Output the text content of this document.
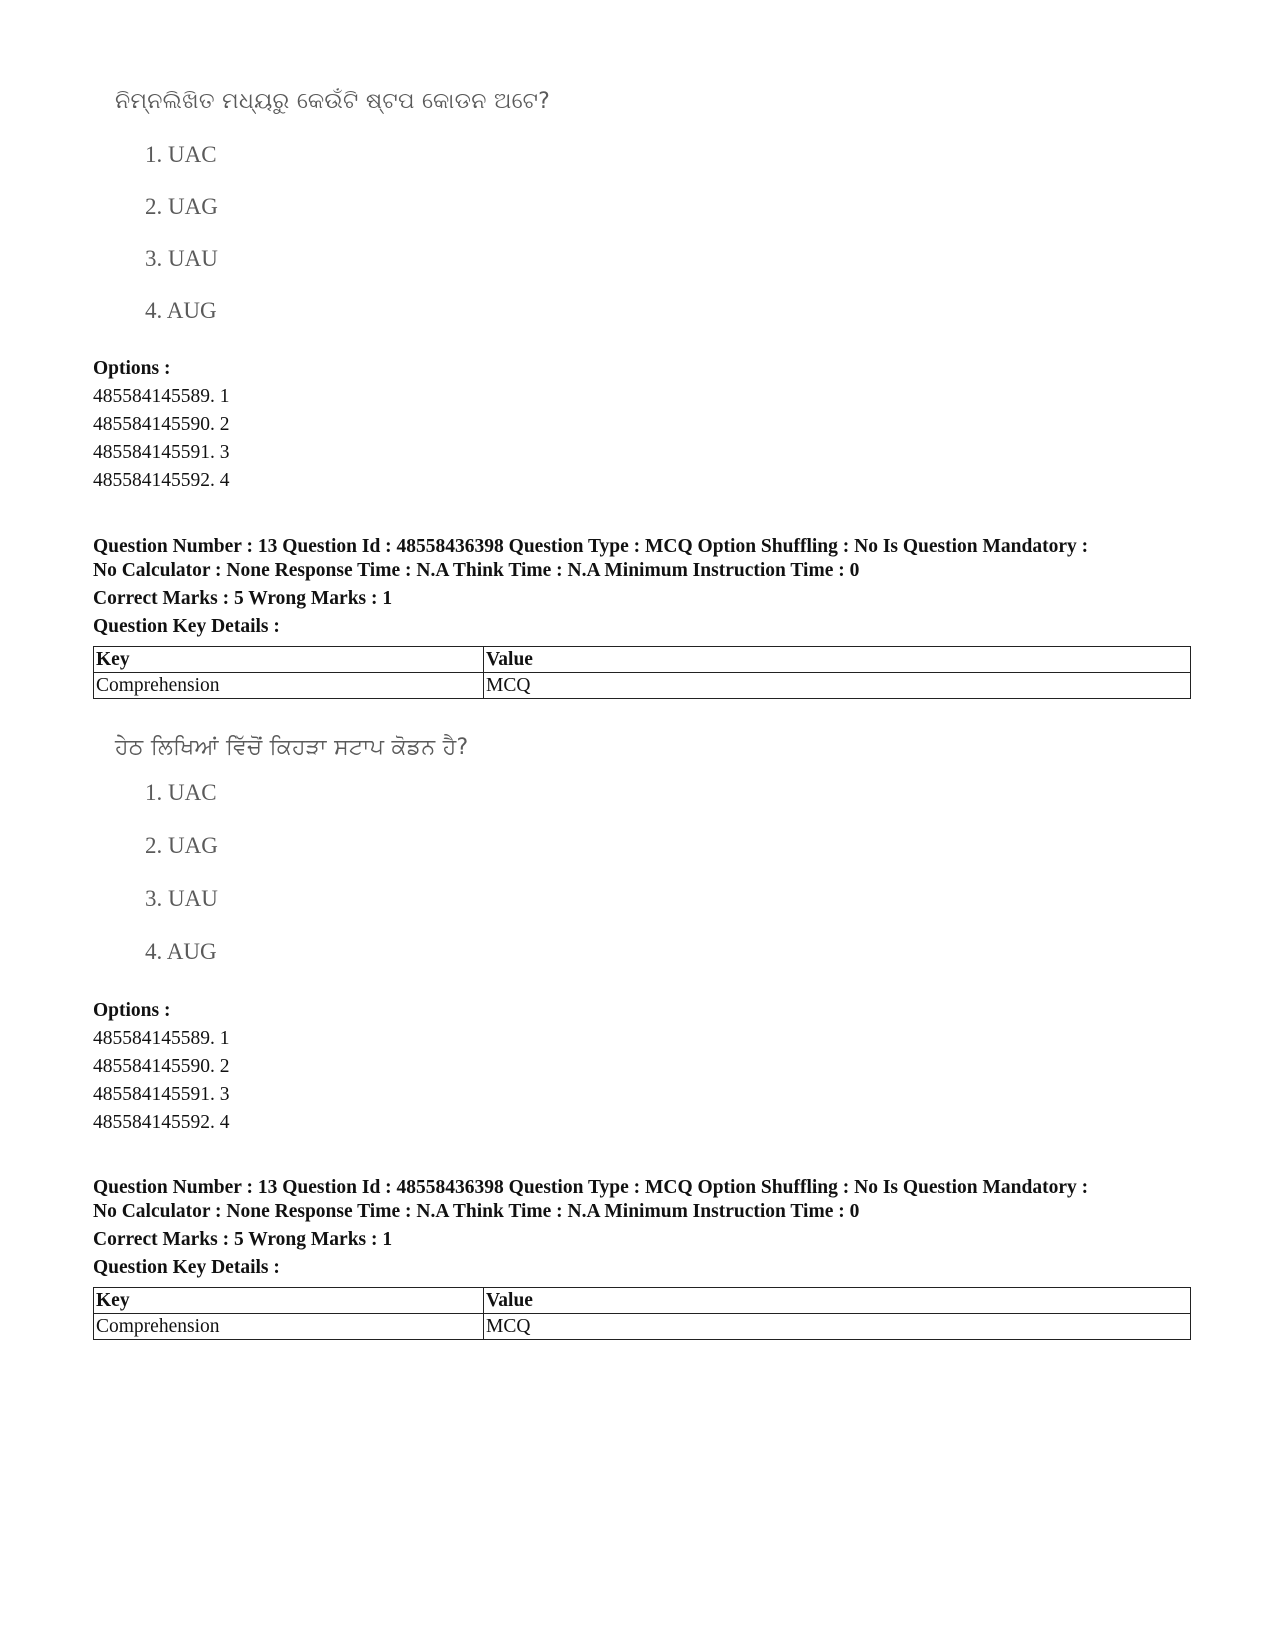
ନିମ୍ନଲିଖିତ ମଧ୍ୟରୁ କେଉଁଟି ଷ୍ଟପ କୋଡନ ଅଟେ?
1. UAC
2. UAG
3. UAU
4. AUG
Options :
485584145589. 1
485584145590. 2
485584145591. 3
485584145592. 4
Question Number : 13 Question Id : 48558436398 Question Type : MCQ Option Shuffling : No Is Question Mandatory :
No Calculator : None Response Time : N.A Think Time : N.A Minimum Instruction Time : 0
Correct Marks : 5 Wrong Marks : 1
Question Key Details :
Key	Value
Comprehension	MCQ
ਹੇਠ ਲਿਖਿਆਂ ਵਿੱਚੋਂ ਕਿਹੜਾ ਸਟਾਪ ਕੋਡਨ ਹੈ?
1. UAC
2. UAG
3. UAU
4. AUG
Options :
485584145589. 1
485584145590. 2
485584145591. 3
485584145592. 4
Question Number : 13 Question Id : 48558436398 Question Type : MCQ Option Shuffling : No Is Question Mandatory :
No Calculator : None Response Time : N.A Think Time : N.A Minimum Instruction Time : 0
Correct Marks : 5 Wrong Marks : 1
Question Key Details :
Key	Value
Comprehension	MCQ
